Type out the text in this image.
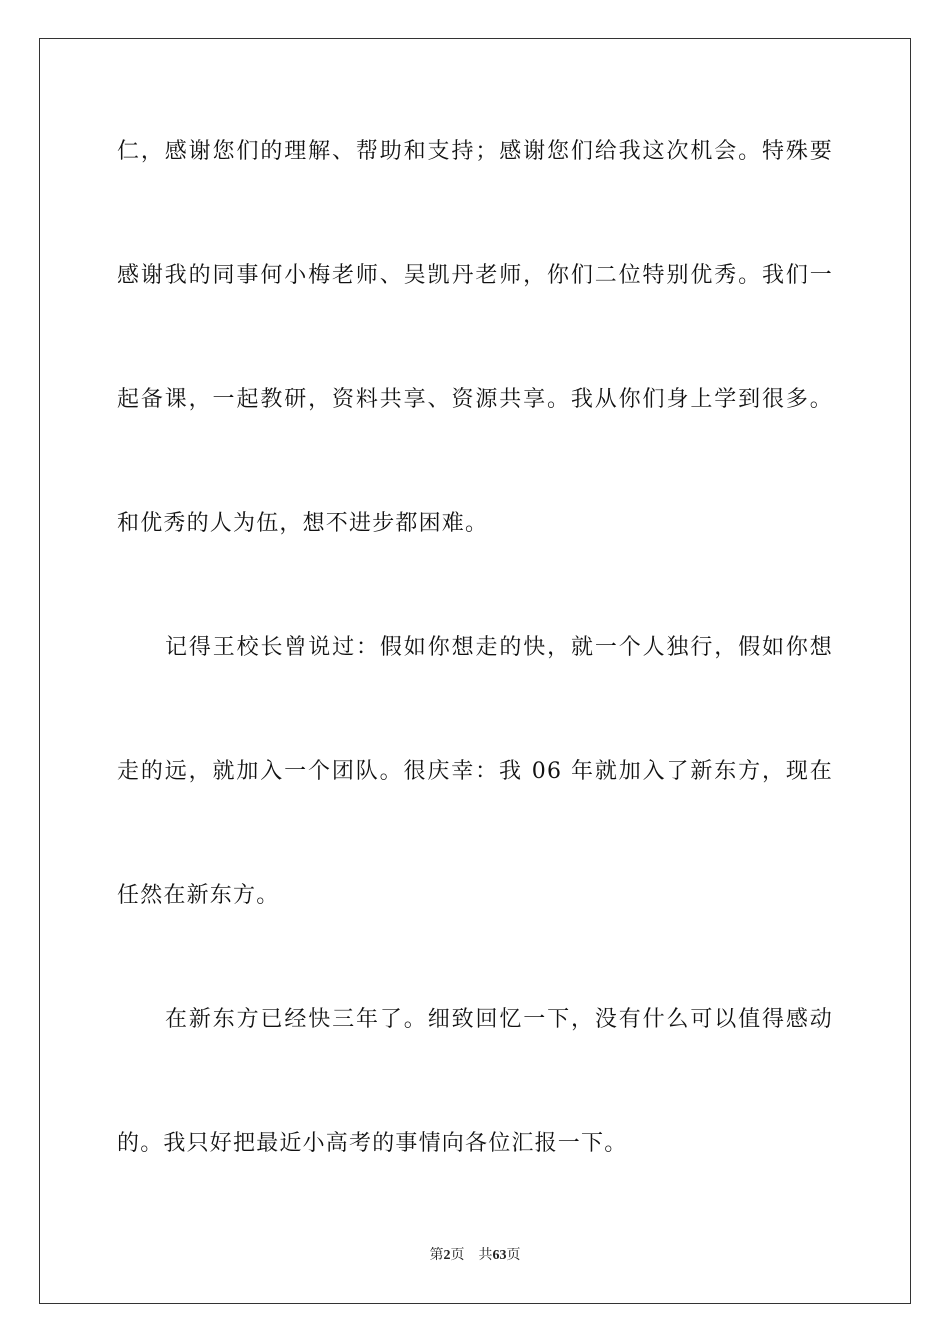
仁，感谢您们的理解、帮助和支持；感谢您们给我这次机会。特殊要
感谢我的同事何小梅老师、吴凯丹老师，你们二位特别优秀。我们一
起备课，一起教研，资料共享、资源共享。我从你们身上学到很多。
和优秀的人为伍，想不进步都困难。
记得王校长曾说过：假如你想走的快，就一个人独行，假如你想
走的远，就加入一个团队。很庆幸：我 06 年就加入了新东方，现在
任然在新东方。
在新东方已经快三年了。细致回忆一下，没有什么可以值得感动
的。我只好把最近小高考的事情向各位汇报一下。
第2页 共63页
